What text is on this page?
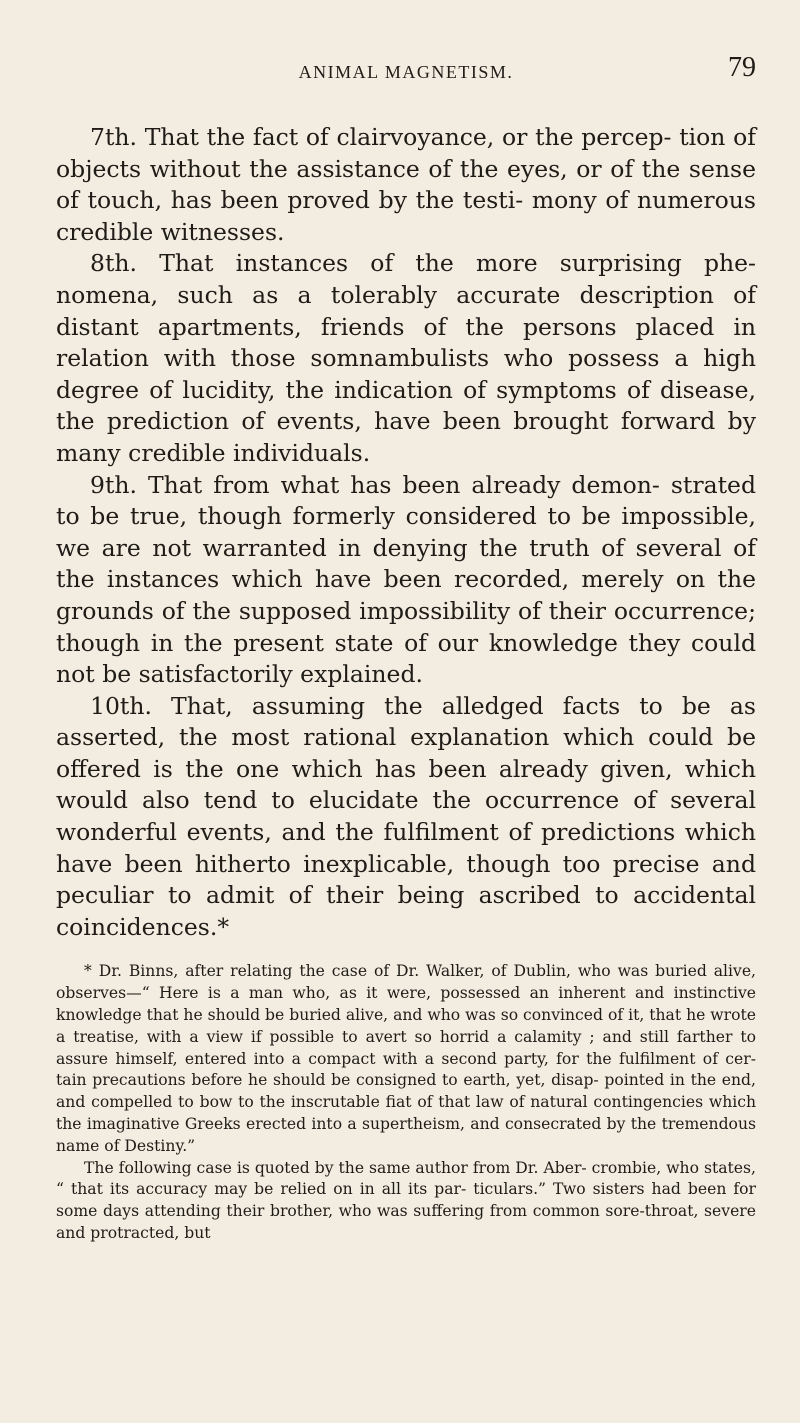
ANIMAL MAGNETISM.	79

7th. That the fact of clairvoyance, or the percep- tion of objects without the assistance of the eyes, or of the sense of touch, has been proved by the testi- mony of numerous credible witnesses.

8th. That instances of the more surprising phe- nomena, such as a tolerably accurate description of distant apartments, friends of the persons placed in relation with those somnambulists who possess a high degree of lucidity, the indication of symptoms of disease, the prediction of events, have been brought forward by many credible individuals.

9th. That from what has been already demon- strated to be true, though formerly considered to be impossible, we are not warranted in denying the truth of several of the instances which have been recorded, merely on the grounds of the supposed impossibility of their occurrence; though in the present state of our knowledge they could not be satisfactorily explained.

10th. That, assuming the alledged facts to be as asserted, the most rational explanation which could be offered is the one which has been already given, which would also tend to elucidate the occurrence of several wonderful events, and the fulfilment of predictions which have been hitherto inexplicable, though too precise and peculiar to admit of their being ascribed to accidental coincidences.*

* Dr. Binns, after relating the case of Dr. Walker, of Dublin, who was buried alive, observes—“ Here is a man who, as it were, possessed an inherent and instinctive knowledge that he should be buried alive, and who was so convinced of it, that he wrote a treatise, with a view if possible to avert so horrid a calamity ; and still farther to assure himself, entered into a compact with a second party, for the fulfilment of cer- tain precautions before he should be consigned to earth, yet, disap- pointed in the end, and compelled to bow to the inscrutable fiat of that law of natural contingencies which the imaginative Greeks erected into a supertheism, and consecrated by the tremendous name of Destiny.”

The following case is quoted by the same author from Dr. Aber- crombie, who states, “ that its accuracy may be relied on in all its par- ticulars.” Two sisters had been for some days attending their brother, who was suffering from common sore-throat, severe and protracted, but
